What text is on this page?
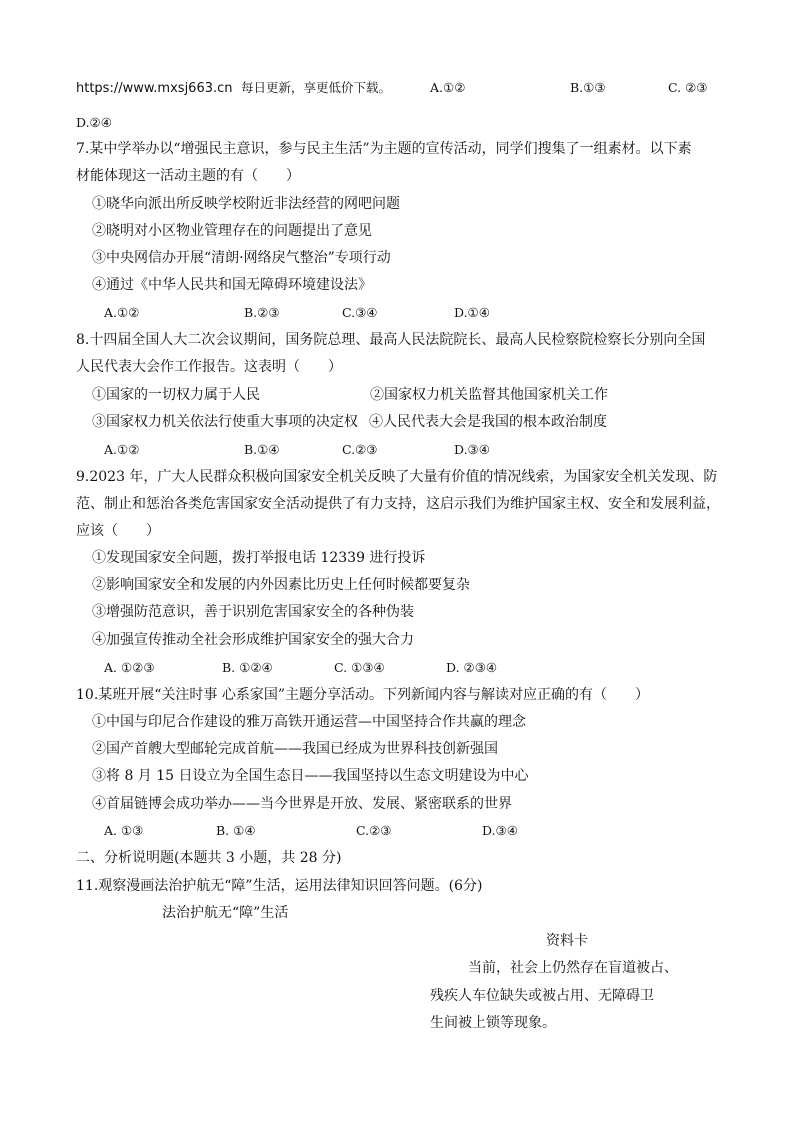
https://www.mxsj663.cn 每日更新，享更低价下载。	A.①②	B.①③	C. ②③
D.②④
7.某中学举办以“增强民主意识，参与民主生活”为主题的宣传活动，同学们搜集了一组素材。以下素
材能体现这一活动主题的有（　　）
①晓华向派出所反映学校附近非法经营的网吧问题
②晓明对小区物业管理存在的问题提出了意见
③中央网信办开展“清朗·网络戾气整治”专项行动
④通过《中华人民共和国无障碍环境建设法》
A.①②	B.②③	C.③④	D.①④
8.十四届全国人大二次会议期间，国务院总理、最高人民法院院长、最高人民检察院检察长分别向全国
人民代表大会作工作报告。这表明（　　）
①国家的一切权力属于人民	②国家权力机关监督其他国家机关工作
③国家权力机关依法行使重大事项的决定权 ④人民代表大会是我国的根本政治制度
A.①②	B.①④	C.②③	D.③④
9.2023 年，广大人民群众积极向国家安全机关反映了大量有价值的情况线索，为国家安全机关发现、防
范、制止和惩治各类危害国家安全活动提供了有力支持，这启示我们为维护国家主权、安全和发展利益，
应该（　　）
①发现国家安全问题，拨打举报电话 12339 进行投诉
②影响国家安全和发展的内外因素比历史上任何时候都要复杂
③增强防范意识，善于识别危害国家安全的各种伪装
④加强宣传推动全社会形成维护国家安全的强大合力
A. ①②③	B. ①②④	C. ①③④	D. ②③④
10.某班开展“关注时事 心系家国”主题分享活动。下列新闻内容与解读对应正确的有（　　）
①中国与印尼合作建设的雅万高铁开通运营—中国坚持合作共赢的理念
②国产首艘大型邮轮完成首航——我国已经成为世界科技创新强国
③将 8 月 15 日设立为全国生态日——我国坚持以生态文明建设为中心
④首届链博会成功举办——当今世界是开放、发展、紧密联系的世界
A. ①③	B. ①④	C.②③	D.③④
二、分析说明题(本题共 3 小题，共 28 分)
11.观察漫画法治护航无“障”生活，运用法律知识回答问题。(6分)
法治护航无“障”生活
资料卡
当前，社会上仍然存在盲道被占、
残疾人车位缺失或被占用、无障碍卫
生间被上锁等现象。
